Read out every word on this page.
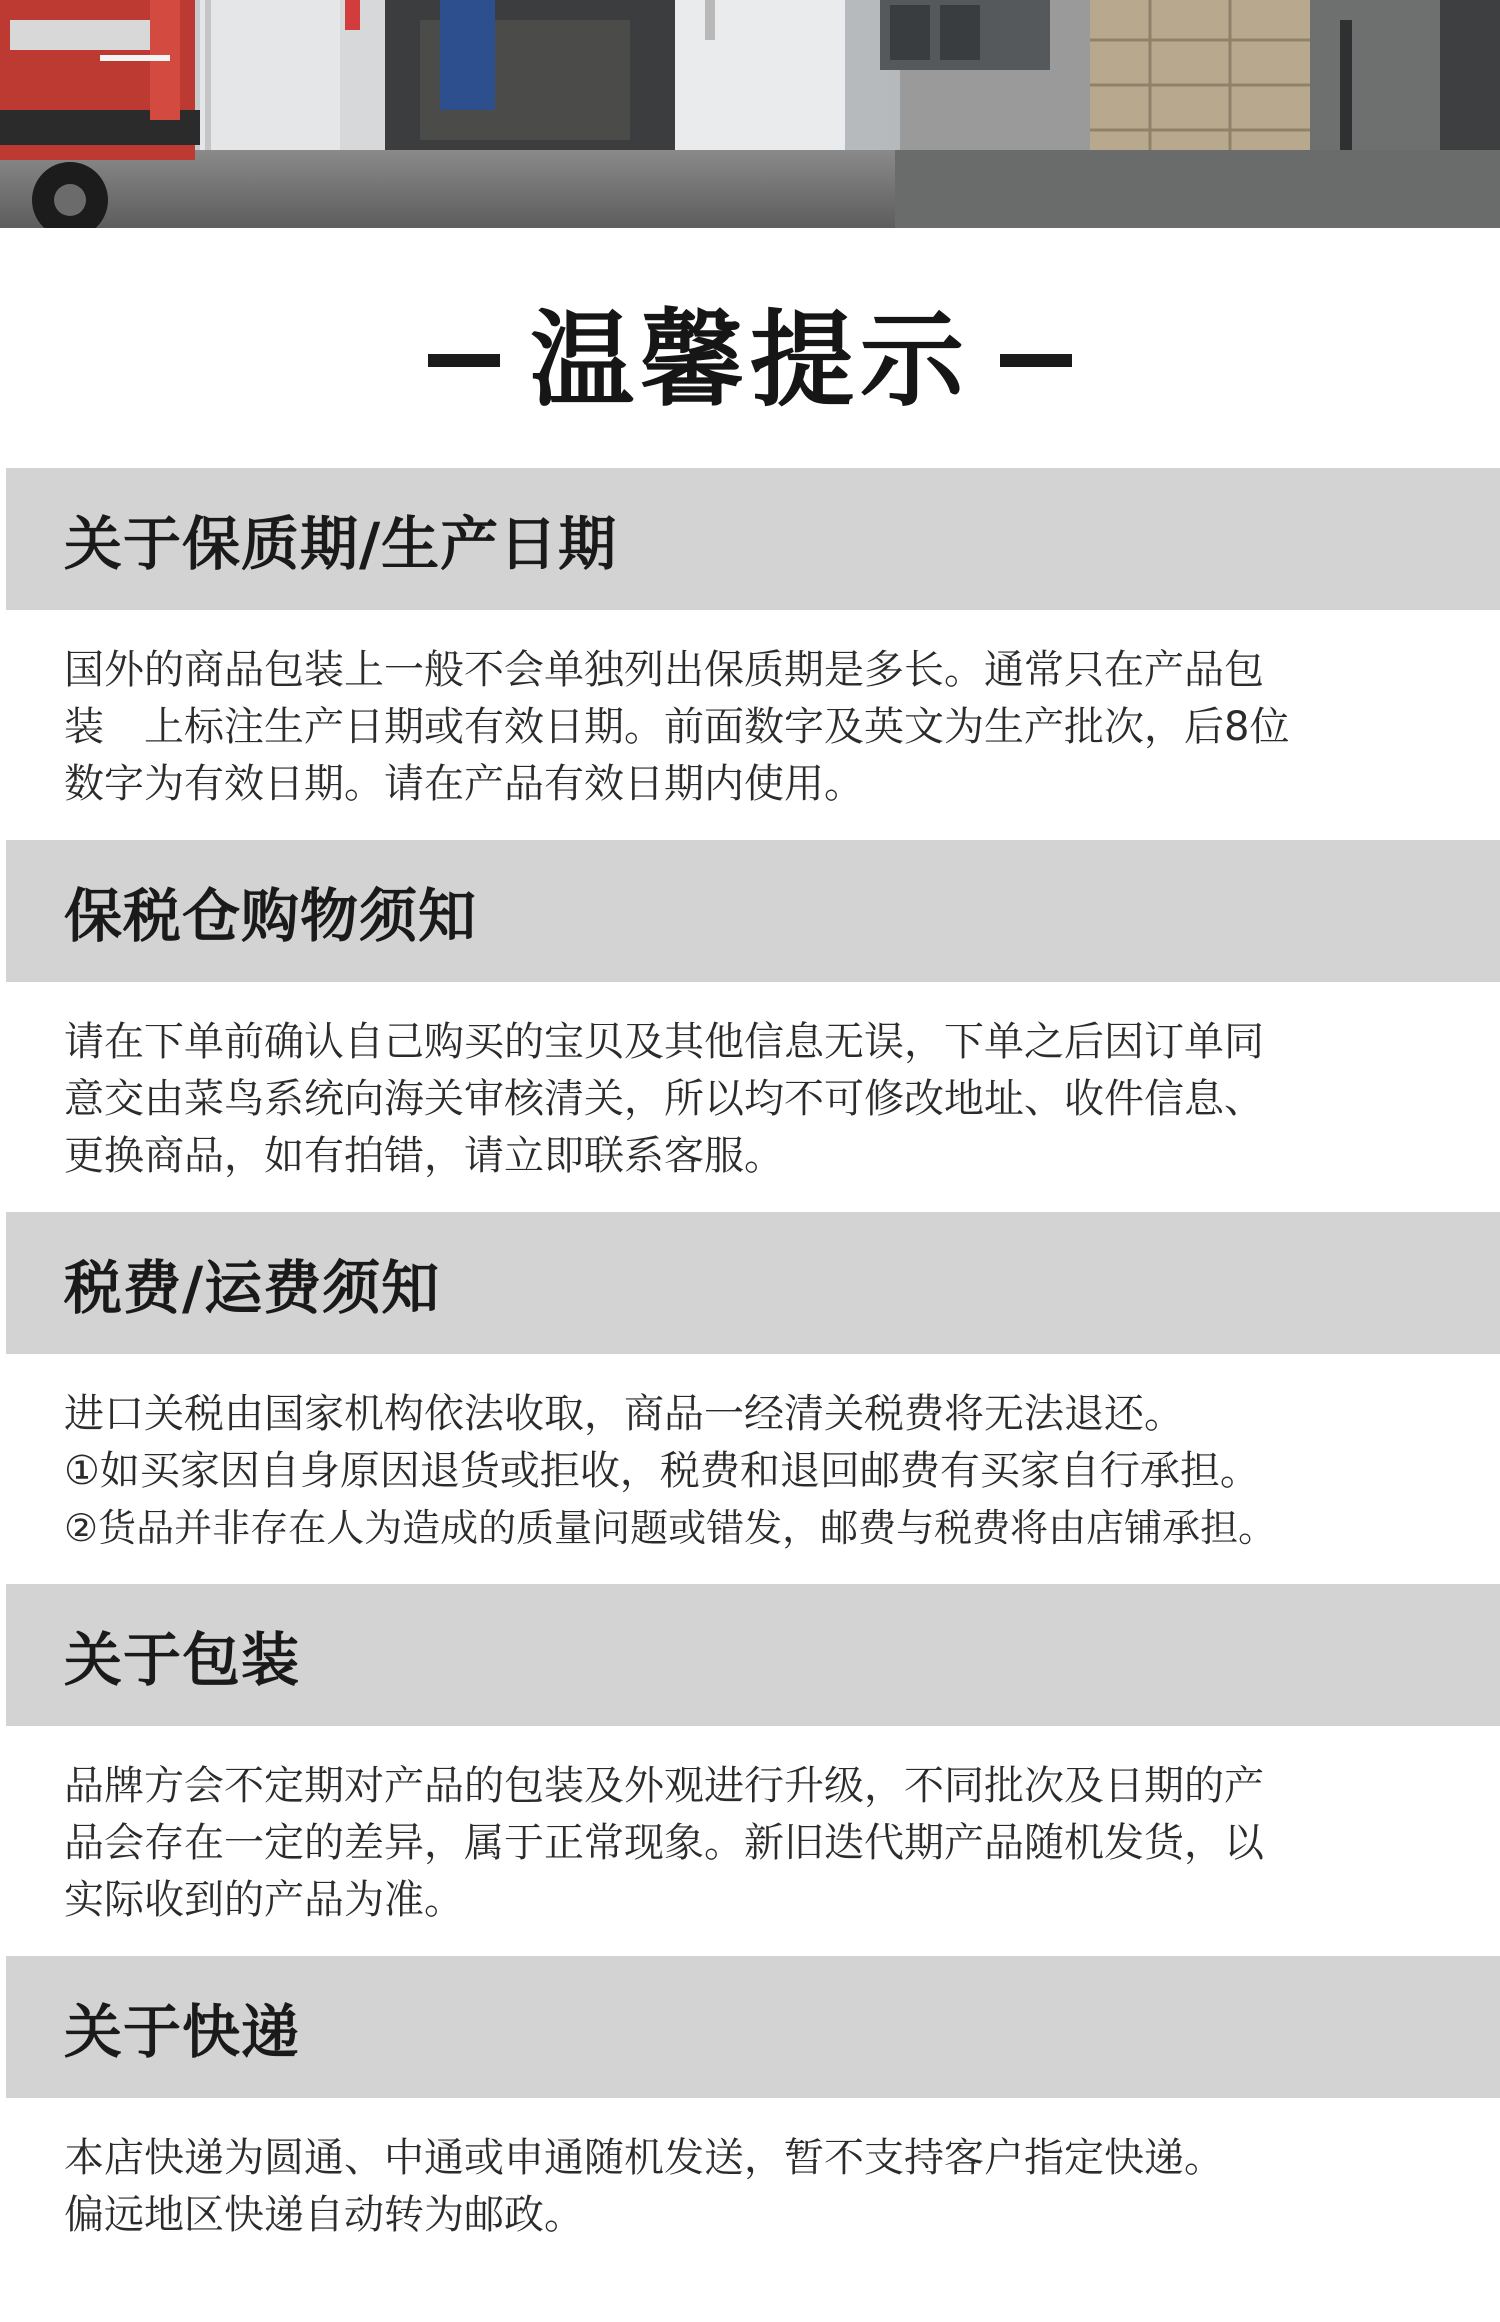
温馨提示
关于保质期/生产日期

国外的商品包装上一般不会单独列出保质期是多长。通常只在产品包

装　上标注生产日期或有效日期。前面数字及英文为生产批次，后8位

数字为有效日期。请在产品有效日期内使用。

保税仓购物须知

请在下单前确认自己购买的宝贝及其他信息无误，下单之后因订单同

意交由菜鸟系统向海关审核清关，所以均不可修改地址、收件信息、

更换商品，如有拍错，请立即联系客服。

税费/运费须知

进口关税由国家机构依法收取，商品一经清关税费将无法退还。

①如买家因自身原因退货或拒收，税费和退回邮费有买家自行承担。

②货品并非存在人为造成的质量问题或错发，邮费与税费将由店铺承担。

关于包装

品牌方会不定期对产品的包装及外观进行升级，不同批次及日期的产

品会存在一定的差异，属于正常现象。新旧迭代期产品随机发货，以

实际收到的产品为准。

关于快递

本店快递为圆通、中通或申通随机发送，暂不支持客户指定快递。

偏远地区快递自动转为邮政。
